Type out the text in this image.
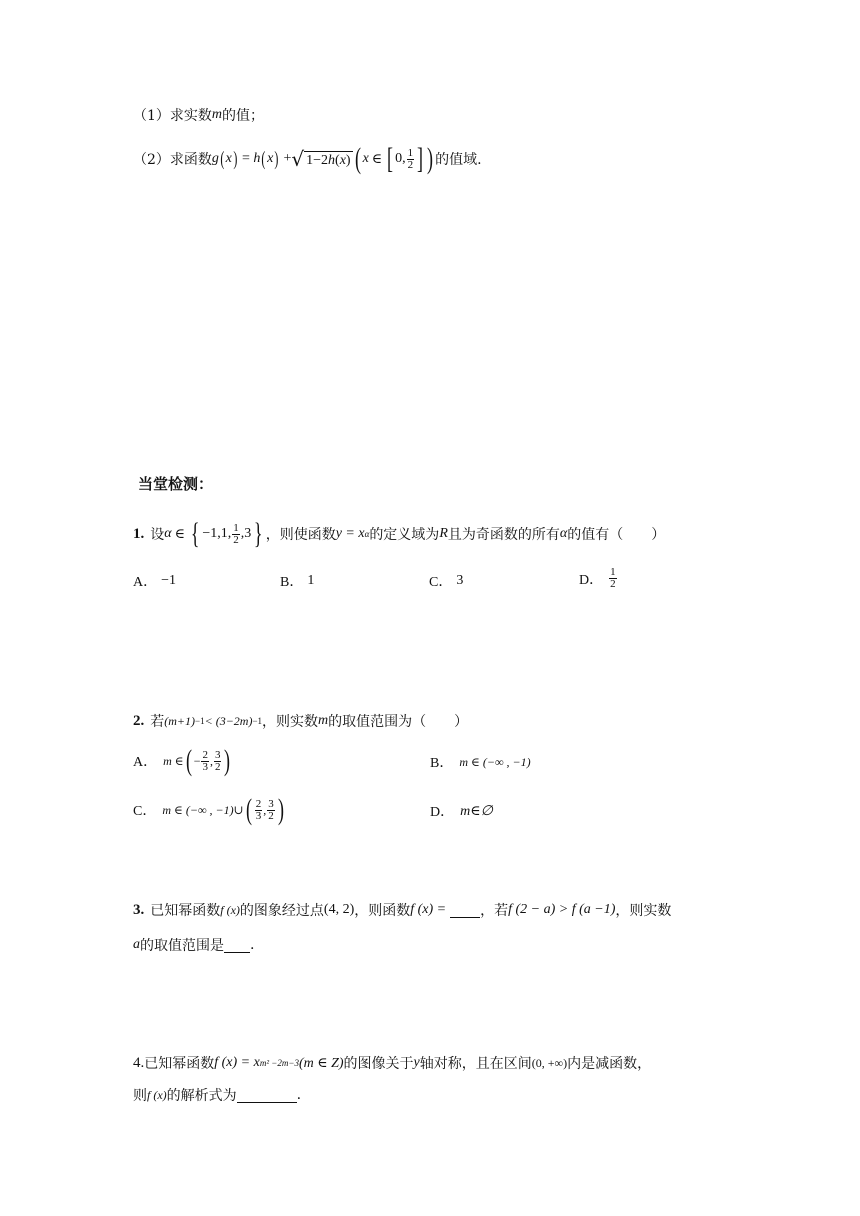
（1）求实数 m 的值；
（2）求函数 g ( x ) = h ( x ) + √ 1−2h(x) ( x ∈ [ 0 , $\frac{1}{2}$ ] ) 的值域.
当堂检测：
1. 设 α ∈ { −1,1, $\frac{1}{2} ,3$ } ，则使函数 y = x α 的定义域为 R 且为奇函数的所有 α 的值有（　　）
A． −1	B． 1	C． 3	D． $\frac{1}{2}$
2. 若 (m+1) −1 < (3−2m) −1 ，则实数 m 的取值范围为（　　）
A． m ∈ ( − $\frac{2}{3}$ , $\frac{3}{2}$ )	B． m ∈ (−∞ , −1)
C． m ∈ (−∞ , −1)∪ ( $\frac{2}{3}$ , $\frac{3}{2}$ )	D． m∈∅
3. 已知幂函数 f (x) 的图象经过点 (4, 2) ，则函数 f (x) = ，若 f (2 − a) > f (a −1) ，则实数
a 的取值范围是 .
4. 已知幂函数 f (x) = x m² −2m−3 (m ∈ Z) 的图像关于 y 轴对称，且在区间 (0, +∞) 内是减函数，
则 f (x) 的解析式为	.
